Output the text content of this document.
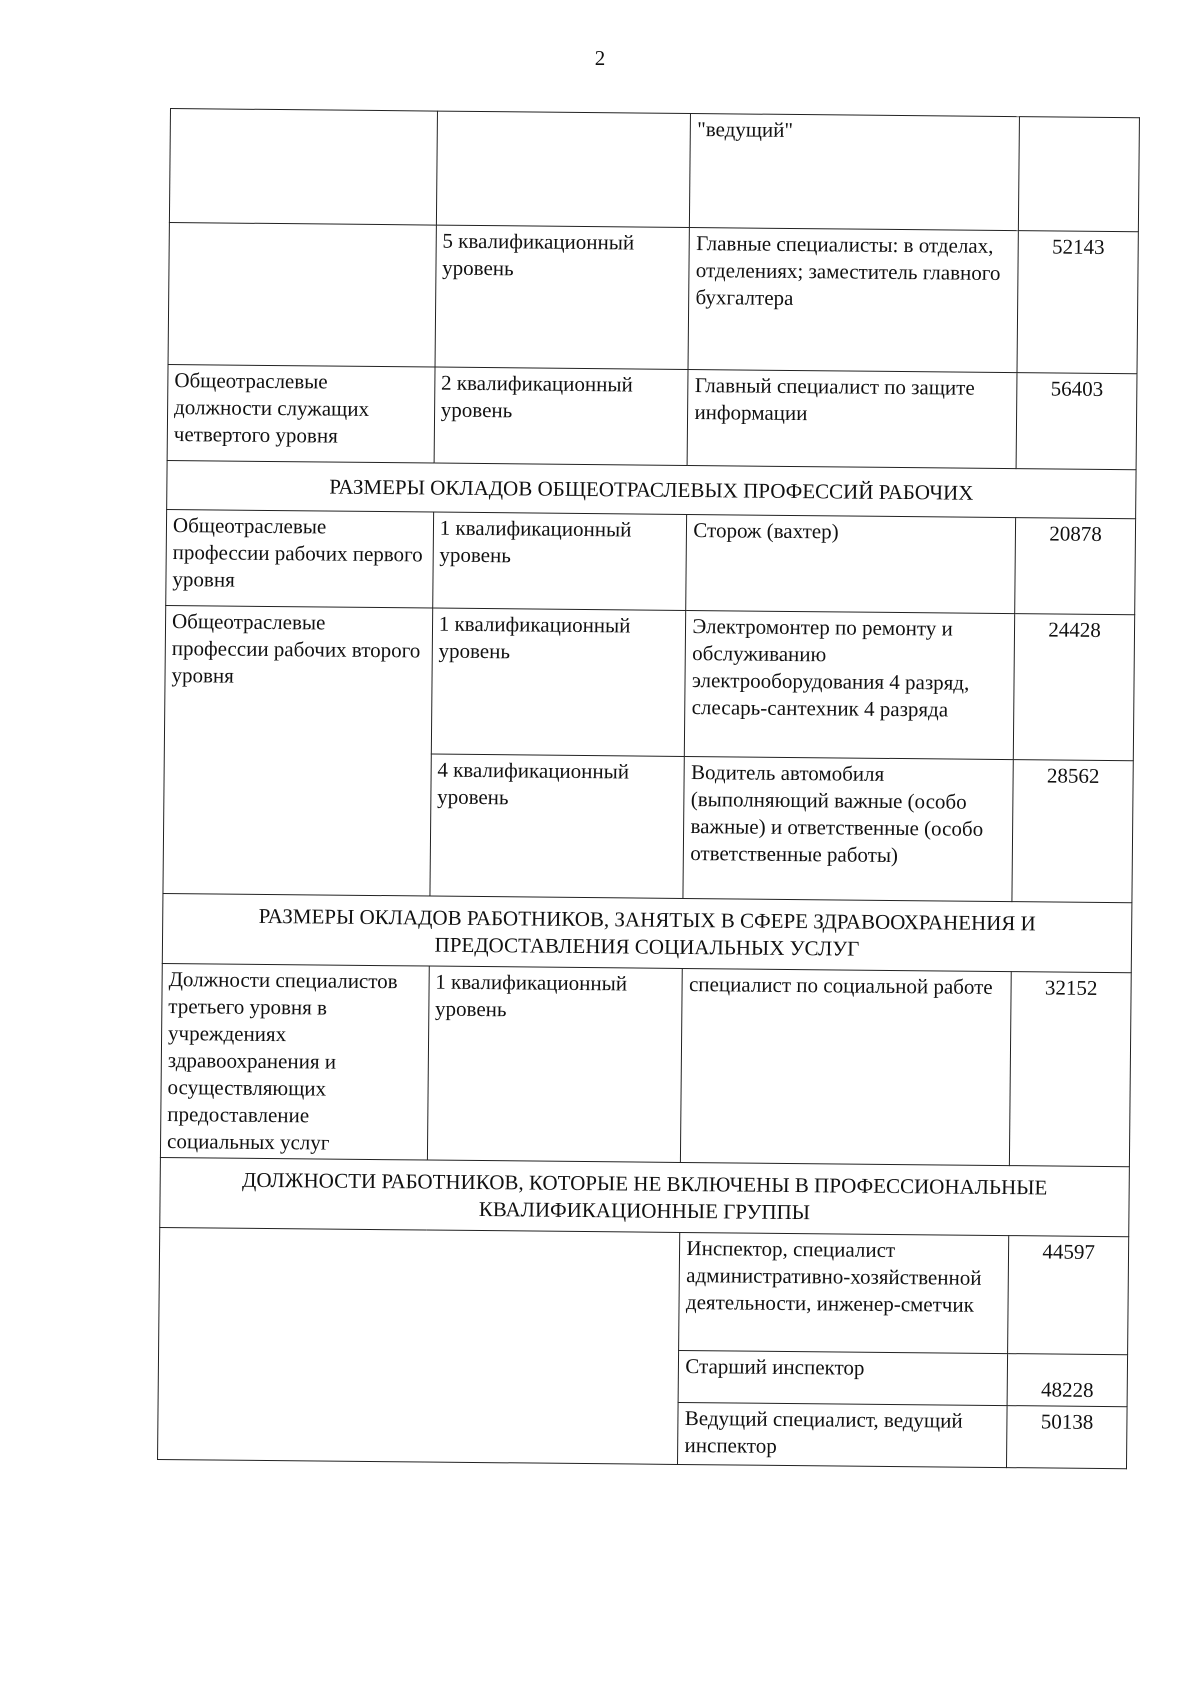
2
		"ведущий"	
	5 квалификационный уровень	Главные специалисты: в отделах, отделениях; заместитель главного бухгалтера	52143
Общеотраслевые должности служащих четвертого уровня	2 квалификационный уровень	Главный специалист по защите информации	56403
РАЗМЕРЫ ОКЛАДОВ ОБЩЕОТРАСЛЕВЫХ ПРОФЕССИЙ РАБОЧИХ			
Общеотраслевые профессии рабочих первого уровня	1 квалификационный уровень	Сторож (вахтер)	20878
Общеотраслевые профессии рабочих второго уровня	1 квалификационный уровень	Электромонтер по ремонту и обслуживанию электрооборудования 4 разряд, слесарь-сантехник 4 разряда	24428
	4 квалификационный уровень	Водитель автомобиля (выполняющий важные (особо важные) и ответственные (особо ответственные работы)	28562
РАЗМЕРЫ ОКЛАДОВ РАБОТНИКОВ, ЗАНЯТЫХ В СФЕРЕ ЗДРАВООХРАНЕНИЯ И ПРЕДОСТАВЛЕНИЯ СОЦИАЛЬНЫХ УСЛУГ			
Должности специалистов третьего уровня в учреждениях здравоохранения и осуществляющих предоставление социальных услуг	1 квалификационный уровень	специалист по социальной работе	32152
ДОЛЖНОСТИ РАБОТНИКОВ, КОТОРЫЕ НЕ ВКЛЮЧЕНЫ В ПРОФЕССИОНАЛЬНЫЕ КВАЛИФИКАЦИОННЫЕ ГРУППЫ			
		Инспектор, специалист административно-хозяйственной деятельности, инженер-сметчик	44597
		Старший инспектор	48228
		Ведущий специалист, ведущий инспектор	50138
